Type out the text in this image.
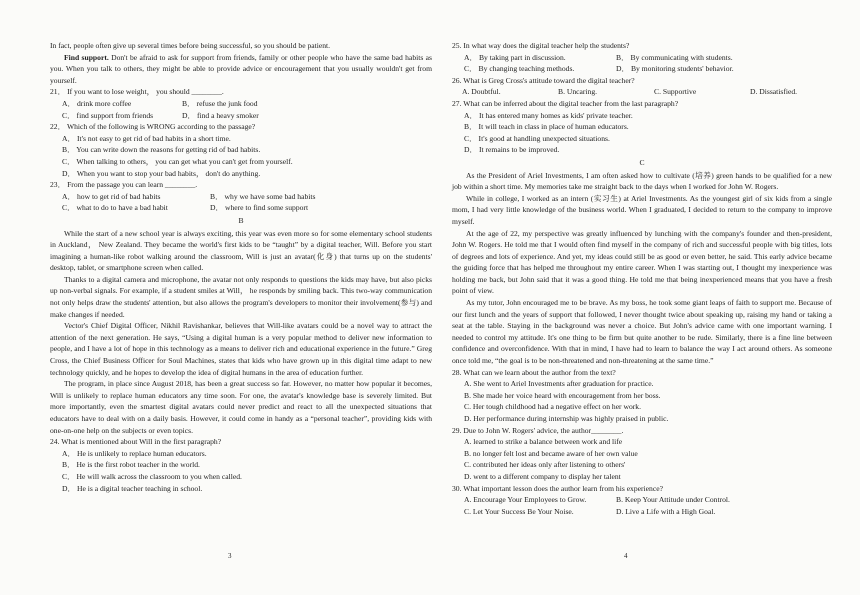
In fact, people often give up several times before being successful, so you should be patient.

Find support. Don't be afraid to ask for support from friends, family or other people who have the same bad habits as you. When you talk to others, they might be able to provide advice or encouragement that you usually wouldn't get from yourself.

21． If you want to lose weight， you should ________.

A． drink more coffee	B． refuse the junk food
C． find support from friends	D． find a heavy smoker

22． Which of the following is WRONG according to the passage?

A． It's not easy to get rid of bad habits in a short time.

B． You can write down the reasons for getting rid of bad habits.

C． When talking to others， you can get what you can't get from yourself.

D． When you want to stop your bad habits， don't do anything.

23． From the passage you can learn ________.

A． how to get rid of bad habits	B． why we have some bad habits
C． what to do to have a bad habit	D． where to find some support

B

While the start of a new school year is always exciting, this year was even more so for some elementary school students in Auckland， New Zealand. They became the world's first kids to be “taught” by a digital teacher, Will. Before you start imagining a human-like robot walking around the classroom, Will is just an avatar(化身) that turns up on the students' desktop, tablet, or smartphone screen when called.

Thanks to a digital camera and microphone, the avatar not only responds to questions the kids may have, but also picks up non-verbal signals. For example, if a student smiles at Will， he responds by smiling back. This two-way communication not only helps draw the students' attention, but also allows the program's developers to monitor their involvement(参与) and make changes if needed.

Vector's Chief Digital Officer, Nikhil Ravishankar, believes that Will-like avatars could be a novel way to attract the attention of the next generation. He says, “Using a digital human is a very popular method to deliver new information to people, and I have a lot of hope in this technology as a means to deliver rich and educational experience in the future.” Greg Cross, the Chief Business Officer for Soul Machines, states that kids who have grown up in this digital time adapt to new technology quickly, and he hopes to develop the idea of digital humans in the area of education further.

The program, in place since August 2018, has been a great success so far. However, no matter how popular it becomes, Will is unlikely to replace human educators any time soon. For one, the avatar's knowledge base is severely limited. But more importantly, even the smartest digital avatars could never predict and react to all the unexpected situations that educators have to deal with on a daily basis. However, it could come in handy as a “personal teacher”, providing kids with one-on-one help on the subjects or even topics.

24. What is mentioned about Will in the first paragraph?

A． He is unlikely to replace human educators.

B． He is the first robot teacher in the world.

C． He will walk across the classroom to you when called.

D． He is a digital teacher teaching in school.

3

25. In what way does the digital teacher help the students?

A． By taking part in discussion.	B． By communicating with students.
C． By changing teaching methods.	D． By monitoring students' behavior.

26. What is Greg Cross's attitude toward the digital teacher?

A. Doubtful.	B. Uncaring.	C. Supportive	D. Dissatisfied.

27. What can be inferred about the digital teacher from the last paragraph?

A． It has entered many homes as kids' private teacher.

B． It will teach in class in place of human educators.

C． It's good at handling unexpected situations.

D． It remains to be improved.

C

As the President of Ariel Investments, I am often asked how to cultivate (培养) green hands to be qualified for a new job within a short time. My memories take me straight back to the days when I worked for John W. Rogers.

While in college, I worked as an intern (实习生) at Ariel Investments. As the youngest girl of six kids from a single mom, I had very little knowledge of the business world. When I graduated, I decided to return to the company to improve myself.

At the age of 22, my perspective was greatly influenced by lunching with the company's founder and then-president, John W. Rogers. He told me that I would often find myself in the company of rich and successful people with big titles, lots of degrees and lots of experience. And yet, my ideas could still be as good or even better, he said. This early advice became the guiding force that has helped me throughout my entire career. When I was starting out, I thought my inexperience was holding me back, but John said that it was a good thing. He told me that being inexperienced means that you have a fresh point of view.

As my tutor, John encouraged me to be brave. As my boss, he took some giant leaps of faith to support me. Because of our first lunch and the years of support that followed, I never thought twice about speaking up, raising my hand or taking a seat at the table. Staying in the background was never a choice. But John's advice came with one important warning. I needed to control my attitude. It's one thing to be firm but quite another to be rude. Similarly, there is a fine line between confidence and overconfidence. With that in mind, I have had to learn to balance the way I act around others. As someone once told me, “the goal is to be non-threatened and non-threatening at the same time.”

28. What can we learn about the author from the text?

A. She went to Ariel Investments after graduation for practice.

B. She made her voice heard with encouragement from her boss.

C. Her tough childhood had a negative effect on her work.

D. Her performance during internship was highly praised in public.

29. Due to John W. Rogers' advice, the author________.

A. learned to strike a balance between work and life

B. no longer felt lost and became aware of her own value

C. contributed her ideas only after listening to others'

D. went to a different company to display her talent

30. What important lesson does the author learn from his experience?

A. Encourage Your Employees to Grow.	B. Keep Your Attitude under Control.
C. Let Your Success Be Your Noise.	D. Live a Life with a High Goal.
4
